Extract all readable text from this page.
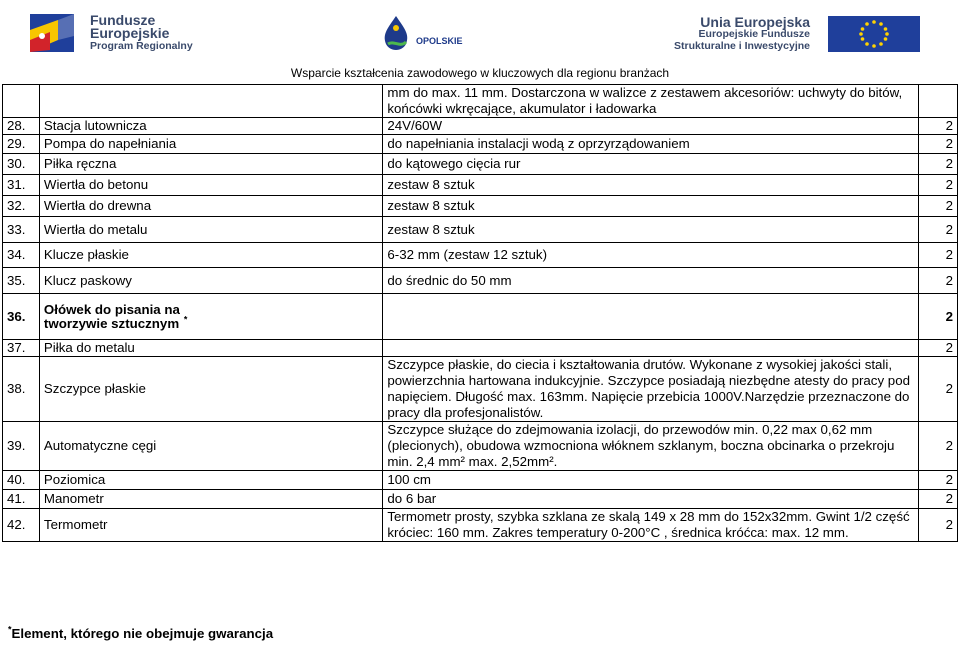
Fundusze
Europejskie
Program Regionalny	OPOLSKIE
Unia Europejska
Europejskie Fundusze
Strukturalne i Inwestycyjne
Wsparcie kształcenia zawodowego w kluczowych dla regionu branżach
		mm do max. 11 mm. Dostarczona w walizce z zestawem akcesoriów: uchwyty do bitów, końcówki wkręcające, akumulator i ładowarka	
28.	Stacja lutownicza	24V/60W	2
29.	Pompa do napełniania	do napełniania instalacji wodą z oprzyrządowaniem	2
30.	Piłka ręczna	do kątowego cięcia rur	2
31.	Wiertła do betonu	zestaw 8 sztuk	2
32.	Wiertła do drewna	zestaw 8 sztuk	2
33.	Wiertła do metalu	zestaw 8 sztuk	2
34.	Klucze płaskie	6-32 mm (zestaw 12 sztuk)	2
35.	Klucz paskowy	do średnic do 50 mm	2
36.	Ołówek do pisania na tworzywie sztucznym *		2
37.	Piłka do metalu		2
38.	Szczypce płaskie	Szczypce płaskie, do ciecia i kształtowania drutów. Wykonane z wysokiej jakości stali, powierzchnia hartowana indukcyjnie. Szczypce posiadają niezbędne atesty do pracy pod napięciem. Długość max. 163mm. Napięcie przebicia 1000V.Narzędzie przeznaczone do pracy dla profesjonalistów.	2
39.	Automatyczne cęgi	Szczypce służące do zdejmowania izolacji, do przewodów min. 0,22 max 0,62 mm (plecionych), obudowa wzmocniona włóknem szklanym, boczna obcinarka o przekroju min. 2,4 mm² max. 2,52mm².	2
40.	Poziomica	100 cm	2
41.	Manometr	do 6 bar	2
42.	Termometr	Termometr prosty, szybka szklana ze skalą 149 x 28 mm do 152x32mm. Gwint 1/2 część króciec: 160 mm. Zakres temperatury 0-200°C , średnica króćca: max. 12 mm.	2
*Element, którego nie obejmuje gwarancja
